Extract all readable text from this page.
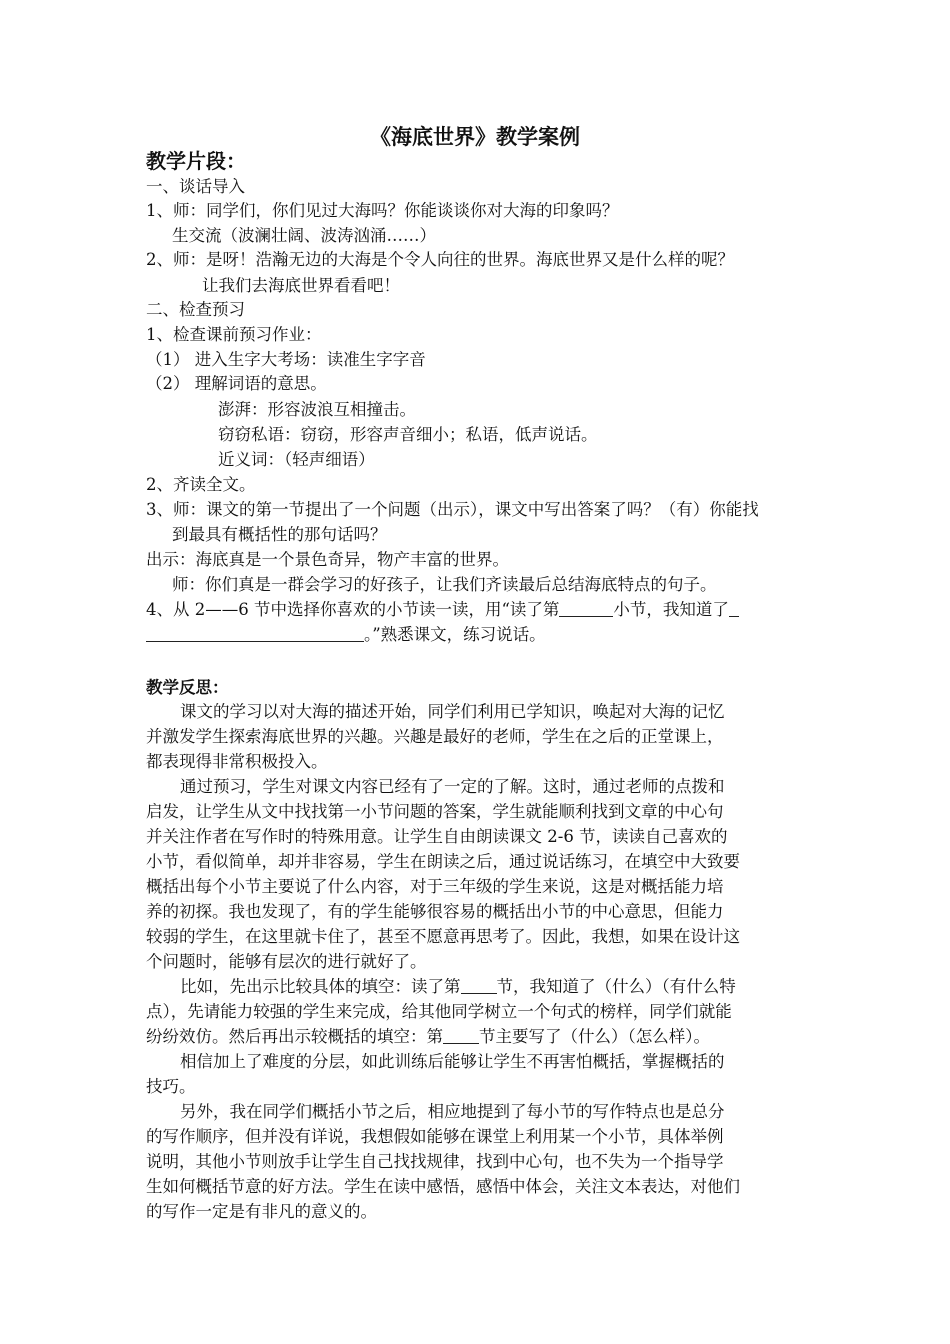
《海底世界》教学案例
教学片段：
一、谈话导入
1、师：同学们，你们见过大海吗？你能谈谈你对大海的印象吗？
生交流（波澜壮阔、波涛汹涌……）
2、师：是呀！浩瀚无边的大海是个令人向往的世界。海底世界又是什么样的呢？
让我们去海底世界看看吧！
二、检查预习
1、检查课前预习作业：
（1） 进入生字大考场：读准生字字音
（2） 理解词语的意思。
澎湃：形容波浪互相撞击。
窃窃私语：窃窃，形容声音细小；私语，低声说话。
近义词：（轻声细语）
2、齐读全文。
3、师：课文的第一节提出了一个问题（出示），课文中写出答案了吗？（有）你能找
到最具有概括性的那句话吗？
出示：海底真是一个景色奇异，物产丰富的世界。
师：你们真是一群会学习的好孩子，让我们齐读最后总结海底特点的句子。
4、从 2——6 节中选择你喜欢的小节读一读，用“读了第	小节，我知道了
。”熟悉课文，练习说话。
教学反思：
课文的学习以对大海的描述开始，同学们利用已学知识，唤起对大海的记忆
并激发学生探索海底世界的兴趣。兴趣是最好的老师，学生在之后的正堂课上，
都表现得非常积极投入。
通过预习，学生对课文内容已经有了一定的了解。这时，通过老师的点拨和
启发，让学生从文中找找第一小节问题的答案，学生就能顺利找到文章的中心句
并关注作者在写作时的特殊用意。让学生自由朗读课文 2-6 节，读读自己喜欢的
小节，看似简单，却并非容易，学生在朗读之后，通过说话练习，在填空中大致要
概括出每个小节主要说了什么内容，对于三年级的学生来说，这是对概括能力培
养的初探。我也发现了，有的学生能够很容易的概括出小节的中心意思，但能力
较弱的学生，在这里就卡住了，甚至不愿意再思考了。因此，我想，如果在设计这
个问题时，能够有层次的进行就好了。
比如，先出示比较具体的填空：读了第 节，我知道了（什么）（有什么特
点），先请能力较强的学生来完成，给其他同学树立一个句式的榜样，同学们就能
纷纷效仿。然后再出示较概括的填空：第 节主要写了（什么）（怎么样）。
相信加上了难度的分层，如此训练后能够让学生不再害怕概括，掌握概括的
技巧。
另外，我在同学们概括小节之后，相应地提到了每小节的写作特点也是总分
的写作顺序，但并没有详说，我想假如能够在课堂上利用某一个小节，具体举例
说明，其他小节则放手让学生自己找找规律，找到中心句，也不失为一个指导学
生如何概括节意的好方法。学生在读中感悟，感悟中体会，关注文本表达，对他们
的写作一定是有非凡的意义的。
